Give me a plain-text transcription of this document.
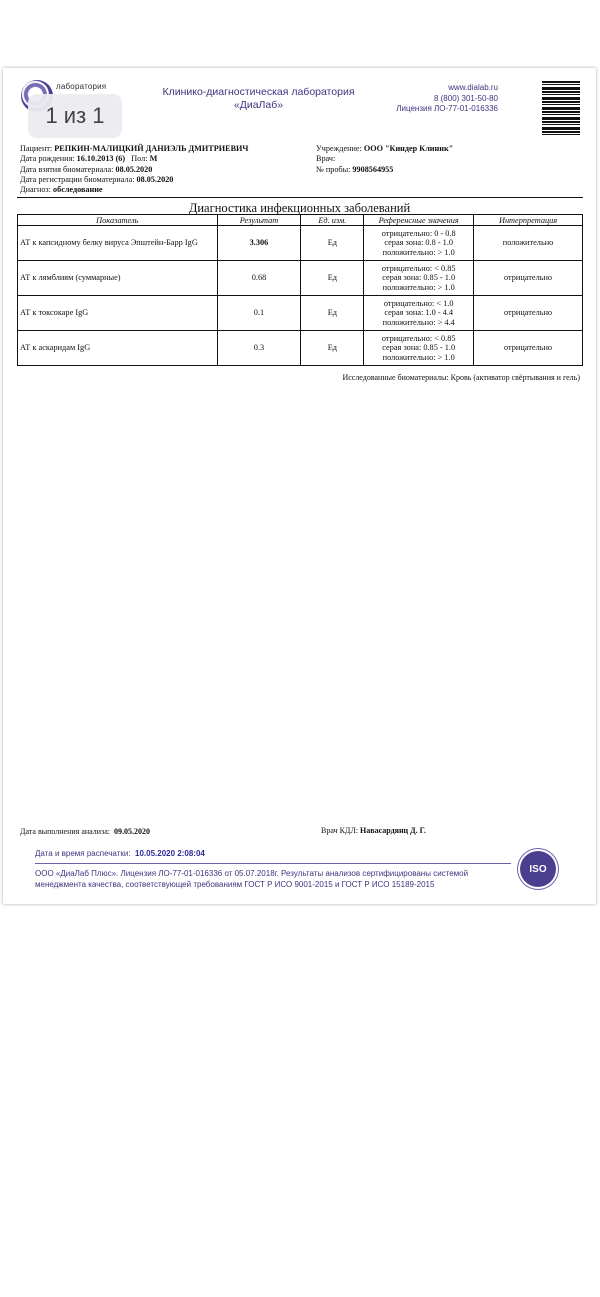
лаборатория	Клинико-диагностическая лаборатория
«ДиаЛаб»
www.dialab.ru
8 (800) 301-50-80
Лицензия ЛО-77-01-016336
Пациент: РЕПКИН-МАЛИЦКИЙ ДАНИЭЛЬ ДМИТРИЕВИЧ
Дата рождения: 16.10.2013 (6) Пол: М
Дата взятия биоматериала: 08.05.2020
Дата регистрации биоматериала: 08.05.2020
Диагноз: обследование
Учреждение: ООО "Киндер Клиник"
Врач:
№ пробы: 9908564955
Диагностика инфекционных заболеваний
Показатель	Результат	Ед. изм.	Референсные значения	Интерпретация
АТ к капсидному белку вируса Эпштейн-Барр IgG	3.306	Ед	отрицательно: 0 - 0.8
серая зона: 0.8 - 1.0
положительно: > 1.0	положительно
АТ к лямблиям (суммарные)	0.68	Ед	отрицательно: < 0.85
серая зона: 0.85 - 1.0
положительно: > 1.0	отрицательно
АТ к токсокаре IgG	0.1	Ед	отрицательно: < 1.0
серая зона: 1.0 - 4.4
положительно: > 4.4	отрицательно
АТ к аскаридам IgG	0.3	Ед	отрицательно: < 0.85
серая зона: 0.85 - 1.0
положительно: > 1.0	отрицательно
Исследованные биоматериалы: Кровь (активатор свёртывания и гель)
Дата выполнения анализа: 09.05.2020	Врач КДЛ: Навасардянц Д. Г.
Дата и время распечатки: 10.05.2020 2:08:04
ООО «ДиаЛаб Плюс». Лицензия ЛО-77-01-016336 от 05.07.2018г. Результаты анализов сертифицированы системой
менеджмента качества, соответствующей требованиям ГОСТ Р ИСО 9001-2015 и ГОСТ Р ИСО 15189-2015
ISO
1 из 1
